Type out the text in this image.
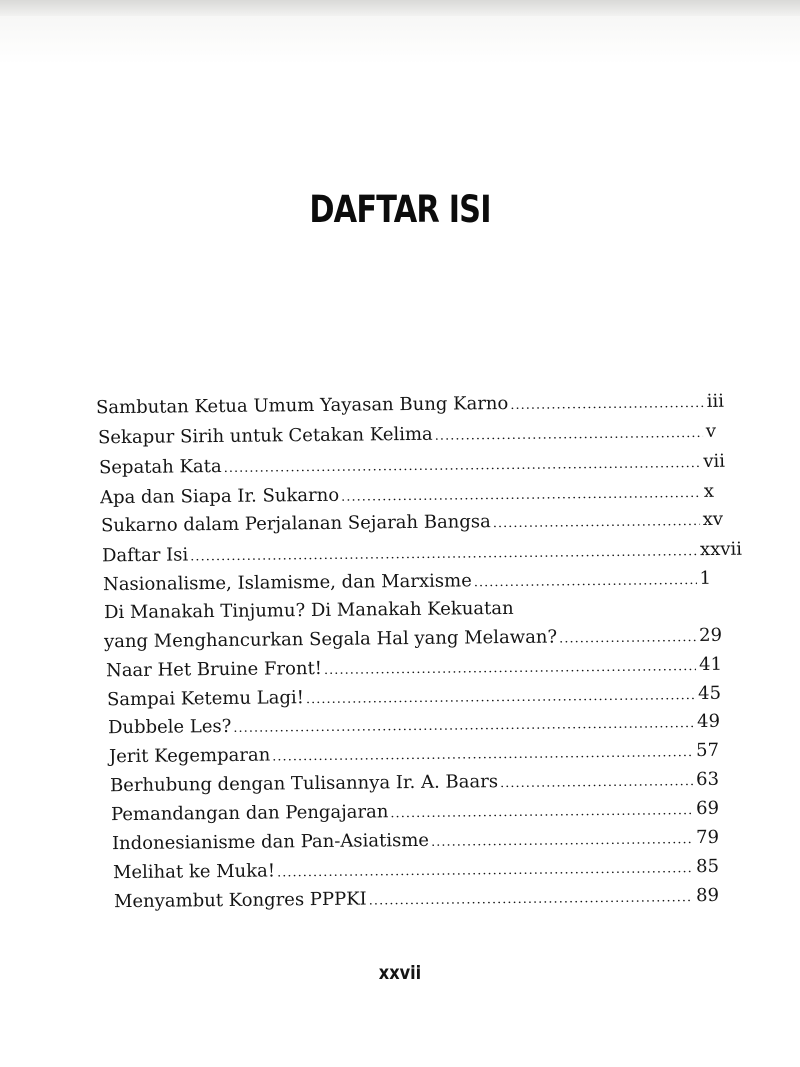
DAFTAR ISI
Sambutan Ketua Umum Yayasan Bung Karno .....	iii
Sekapur Sirih untuk Cetakan Kelima .....	v
Sepatah Kata .....	vii
Apa dan Siapa Ir. Sukarno .....	x
Sukarno dalam Perjalanan Sejarah Bangsa .....	xv
Daftar Isi .....	xxvii
Nasionalisme, Islamisme, dan Marxisme .....	1
Di Manakah Tinjumu? Di Manakah Kekuatan
yang Menghancurkan Segala Hal yang Melawan? .....	29
Naar Het Bruine Front! .....	41
Sampai Ketemu Lagi! .....	45
Dubbele Les? .....	49
Jerit Kegemparan .....	57
Berhubung dengan Tulisannya Ir. A. Baars .....	63
Pemandangan dan Pengajaran .....	69
Indonesianisme dan Pan-Asiatisme .....	79
Melihat ke Muka! .....	85
Menyambut Kongres PPPKI .....	89
xxvii
